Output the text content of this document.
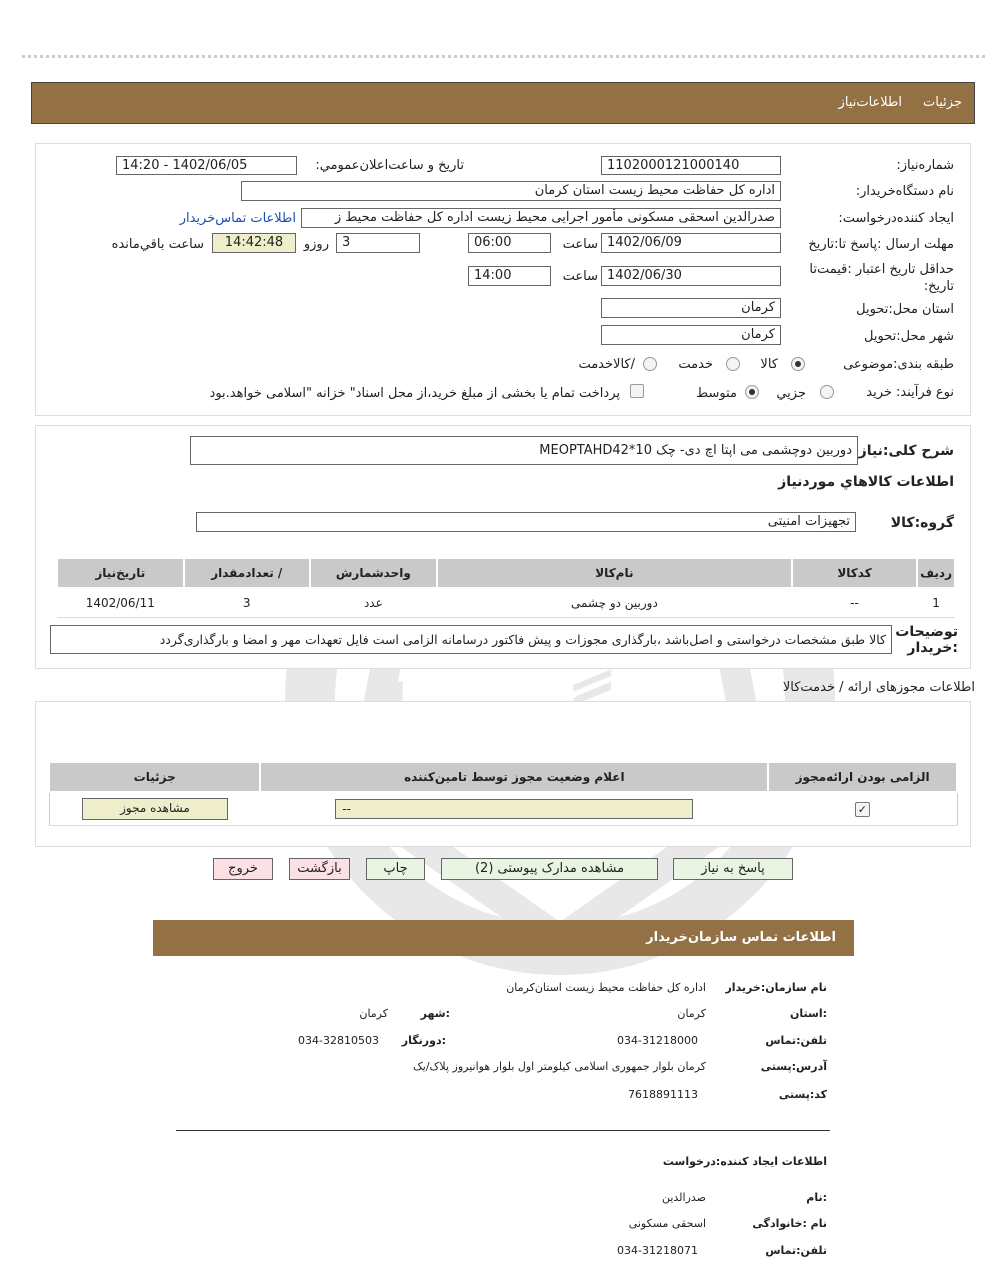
جزئیات
اطلاعات‌نیاز
شماره‌نیاز:
1102000121000140
تاریخ و ساعت‌اعلان‌عمومي:
1402/06/05 - 14:20
نام دستگاه‌خريدار:
اداره کل حفاظت محیط زیست استان کرمان
ايجاد كننده‌درخواست:
صدرالدین اسحقی مسکونی مأمور اجرایی محیط زیست اداره کل حفاظت محیط ز
اطلاعات تماس‌خريدار
مهلت ارسال :پاسخ تا:تاريخ
1402/06/09
ساعت
06:00
3
روزو
14:42:48
ساعت باقي‌مانده
حداقل تاريخ اعتبار :قيمت‌تا تاريخ:
1402/06/30
ساعت
14:00
استان محل:تحويل
کرمان
شهر محل:تحويل
کرمان
طبقه بندی:موضوعی
کالا
خدمت
/کالاخدمت
نوع فرآيند: خريد
جزيي
متوسط
پرداخت تمام يا بخشی از مبلغ خريد،از محل اسناد" خزانه "اسلامی خواهد.بود
شرح کلی:نیاز
دوربین دوچشمی می اپتا اچ دی- چک MEOPTAHD42*10
اطلاعات کالاهاي موردنياز
گروه:کالا
تجهیزات امنیتی
رديف	كدكالا	نام‌كالا	واحدشمارش	/ تعدادمقدار	تاريخ‌نياز
1	--	دوربین دو چشمی	عدد	3	1402/06/11
توضيحات :خريدار
کالا طبق مشخصات درخواستی و اصل‌باشد ،بارگذاری مجوزات و پیش فاکتور درسامانه الزامی است فایل تعهدات مهر و امضا و بارگذاری‌گردد
اطلاعات مجوزهای ارائه / خدمت‌کالا
الزامی بودن ارائه‌مجوز	اعلام وضعیت مجوز توسط تامین‌کننده	جزئیات
✓	--	مشاهده مجوز
پاسخ به نیاز
مشاهده مدارک پیوستی (2)
چاپ
بازگشت
خروج
اطلاعات تماس سازمان‌خريدار
نام سازمان:خريدار
اداره کل حفاظت محیط زیست استان‌کرمان
:استان
کرمان
:شهر
کرمان
تلفن:تماس
034-31218000
:دورنگار
034-32810503
آدرس:پستی
کرمان بلوار جمهوری اسلامی کیلومتر اول بلوار هوانیروز پلاک/یک
کد:پستی
7618891113
اطلاعات ایجاد کننده:درخواست
:نام
صدرالدین
نام :خانوادگی
اسحقی مسکونی
تلفن:تماس
034-31218071
